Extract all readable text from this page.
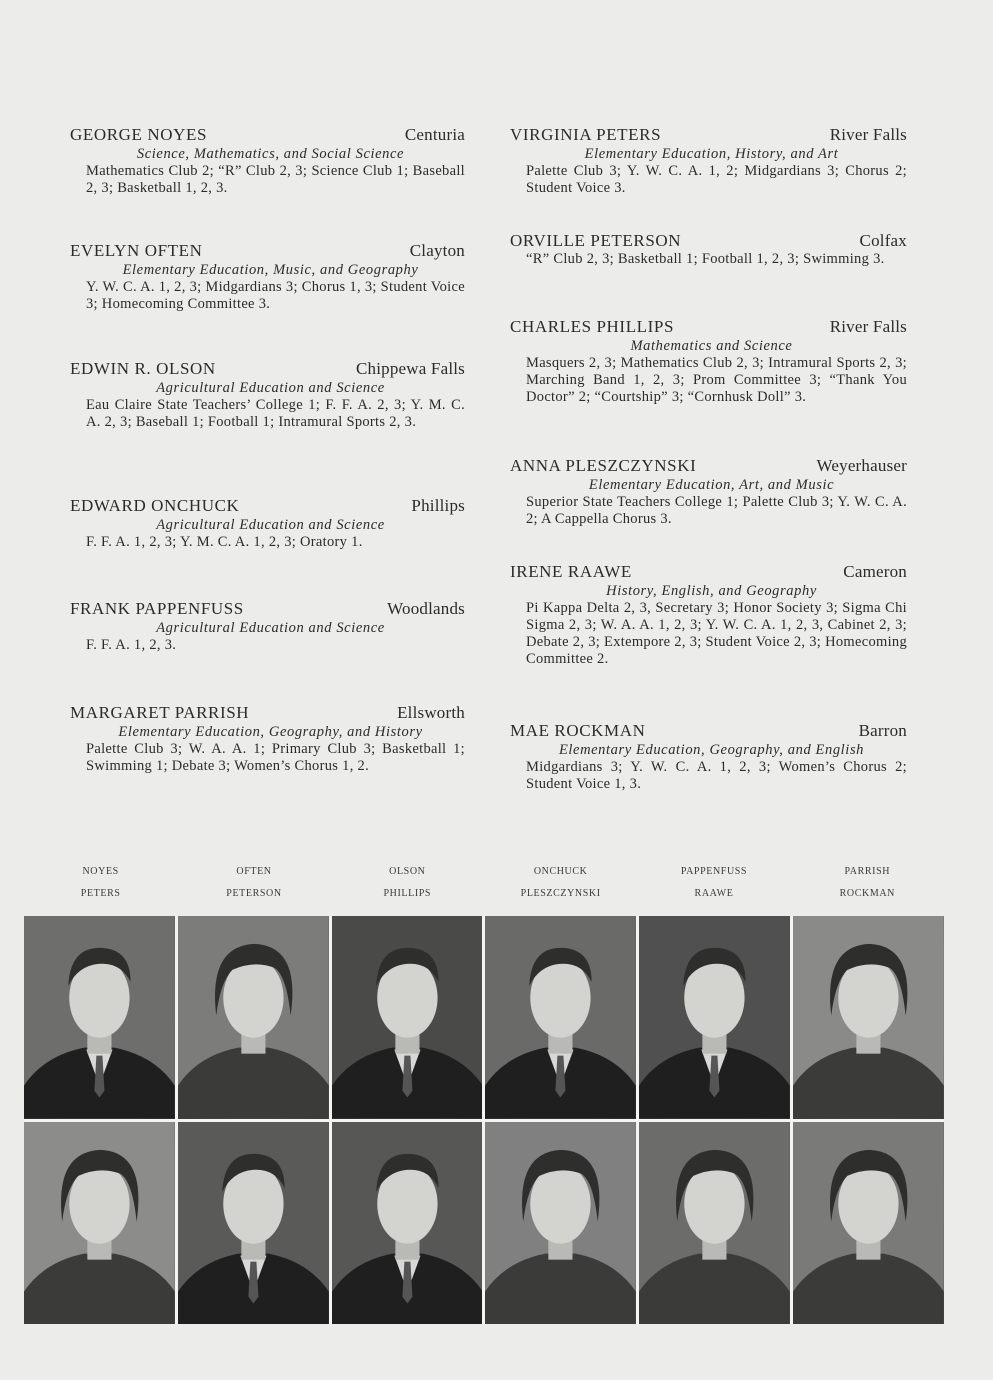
GEORGE NOYES	Centuria
Science, Mathematics, and Social Science
Mathematics Club 2; “R” Club 2, 3; Science Club 1; Baseball 2, 3; Basketball 1, 2, 3.
EVELYN OFTEN	Clayton
Elementary Education, Music, and Geography
Y. W. C. A. 1, 2, 3; Midgardians 3; Chorus 1, 3; Student Voice 3; Homecoming Committee 3.
EDWIN R. OLSON	Chippewa Falls
Agricultural Education and Science
Eau Claire State Teachers’ College 1; F. F. A. 2, 3; Y. M. C. A. 2, 3; Baseball 1; Football 1; Intramural Sports 2, 3.
EDWARD ONCHUCK	Phillips
Agricultural Education and Science
F. F. A. 1, 2, 3; Y. M. C. A. 1, 2, 3; Oratory 1.
FRANK PAPPENFUSS	Woodlands
Agricultural Education and Science
F. F. A. 1, 2, 3.
MARGARET PARRISH	Ellsworth
Elementary Education, Geography, and History
Palette Club 3; W. A. A. 1; Primary Club 3; Basketball 1; Swimming 1; Debate 3; Women’s Chorus 1, 2.
VIRGINIA PETERS	River Falls
Elementary Education, History, and Art
Palette Club 3; Y. W. C. A. 1, 2; Midgardians 3; Chorus 2; Student Voice 3.
ORVILLE PETERSON	Colfax
“R” Club 2, 3; Basketball 1; Football 1, 2, 3; Swimming 3.
CHARLES PHILLIPS	River Falls
Mathematics and Science
Masquers 2, 3; Mathematics Club 2, 3; Intramural Sports 2, 3; Marching Band 1, 2, 3; Prom Committee 3; “Thank You Doctor” 2; “Courtship” 3; “Cornhusk Doll” 3.
ANNA PLESZCZYNSKI	Weyerhauser
Elementary Education, Art, and Music
Superior State Teachers College 1; Palette Club 3; Y. W. C. A. 2; A Cappella Chorus 3.
IRENE RAAWE	Cameron
History, English, and Geography
Pi Kappa Delta 2, 3, Secretary 3; Honor Society 3; Sigma Chi Sigma 2, 3; W. A. A. 1, 2, 3; Y. W. C. A. 1, 2, 3, Cabinet 2, 3; Debate 2, 3; Extempore 2, 3; Student Voice 2, 3; Homecoming Committee 2.
MAE ROCKMAN	Barron
Elementary Education, Geography, and English
Midgardians 3; Y. W. C. A. 1, 2, 3; Women’s Chorus 2; Student Voice 1, 3.
NOYES	OFTEN	OLSON	ONCHUCK	PAPPENFUSS	PARRISH
PETERS	PETERSON	PHILLIPS	PLESZCZYNSKI	RAAWE	ROCKMAN
